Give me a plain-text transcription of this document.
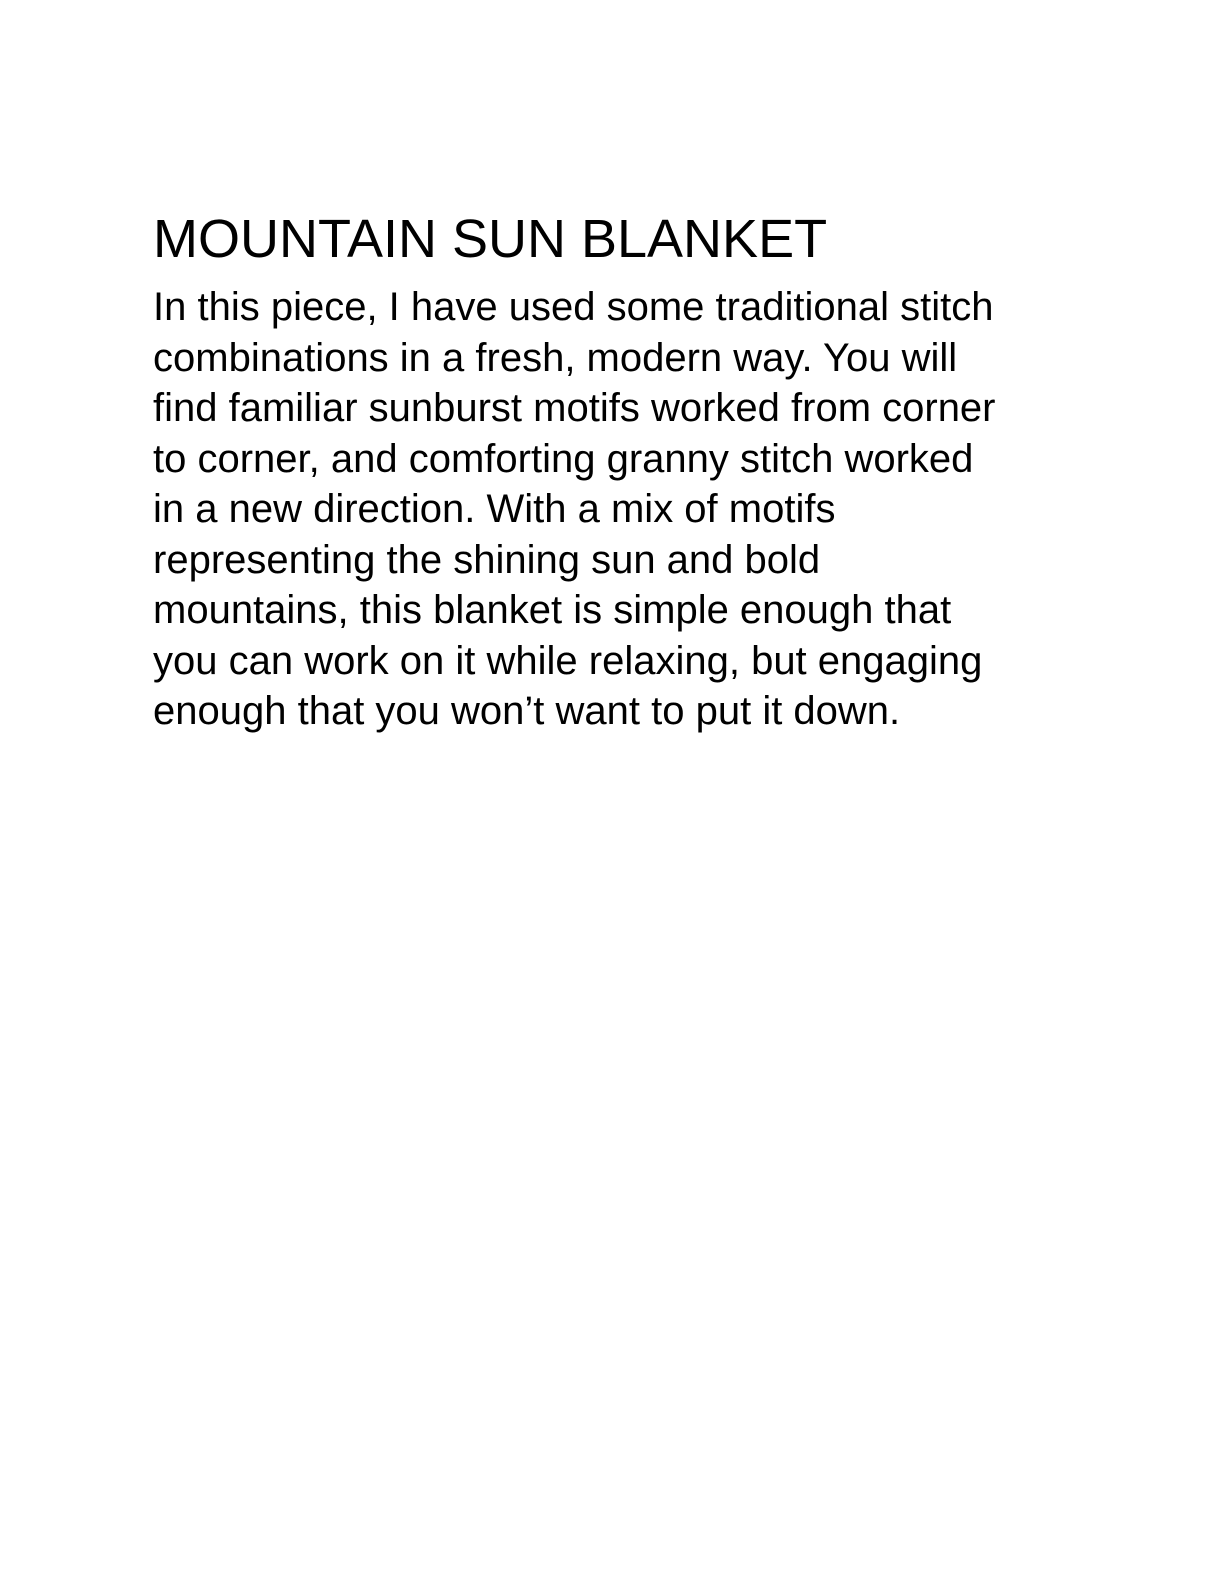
MOUNTAIN SUN BLANKET

In this piece, I have used some traditional stitch
combinations in a fresh, modern way. You will
find familiar sunburst motifs worked from corner
to corner, and comforting granny stitch worked
in a new direction. With a mix of motifs
representing the shining sun and bold
mountains, this blanket is simple enough that
you can work on it while relaxing, but engaging
enough that you won’t want to put it down.
